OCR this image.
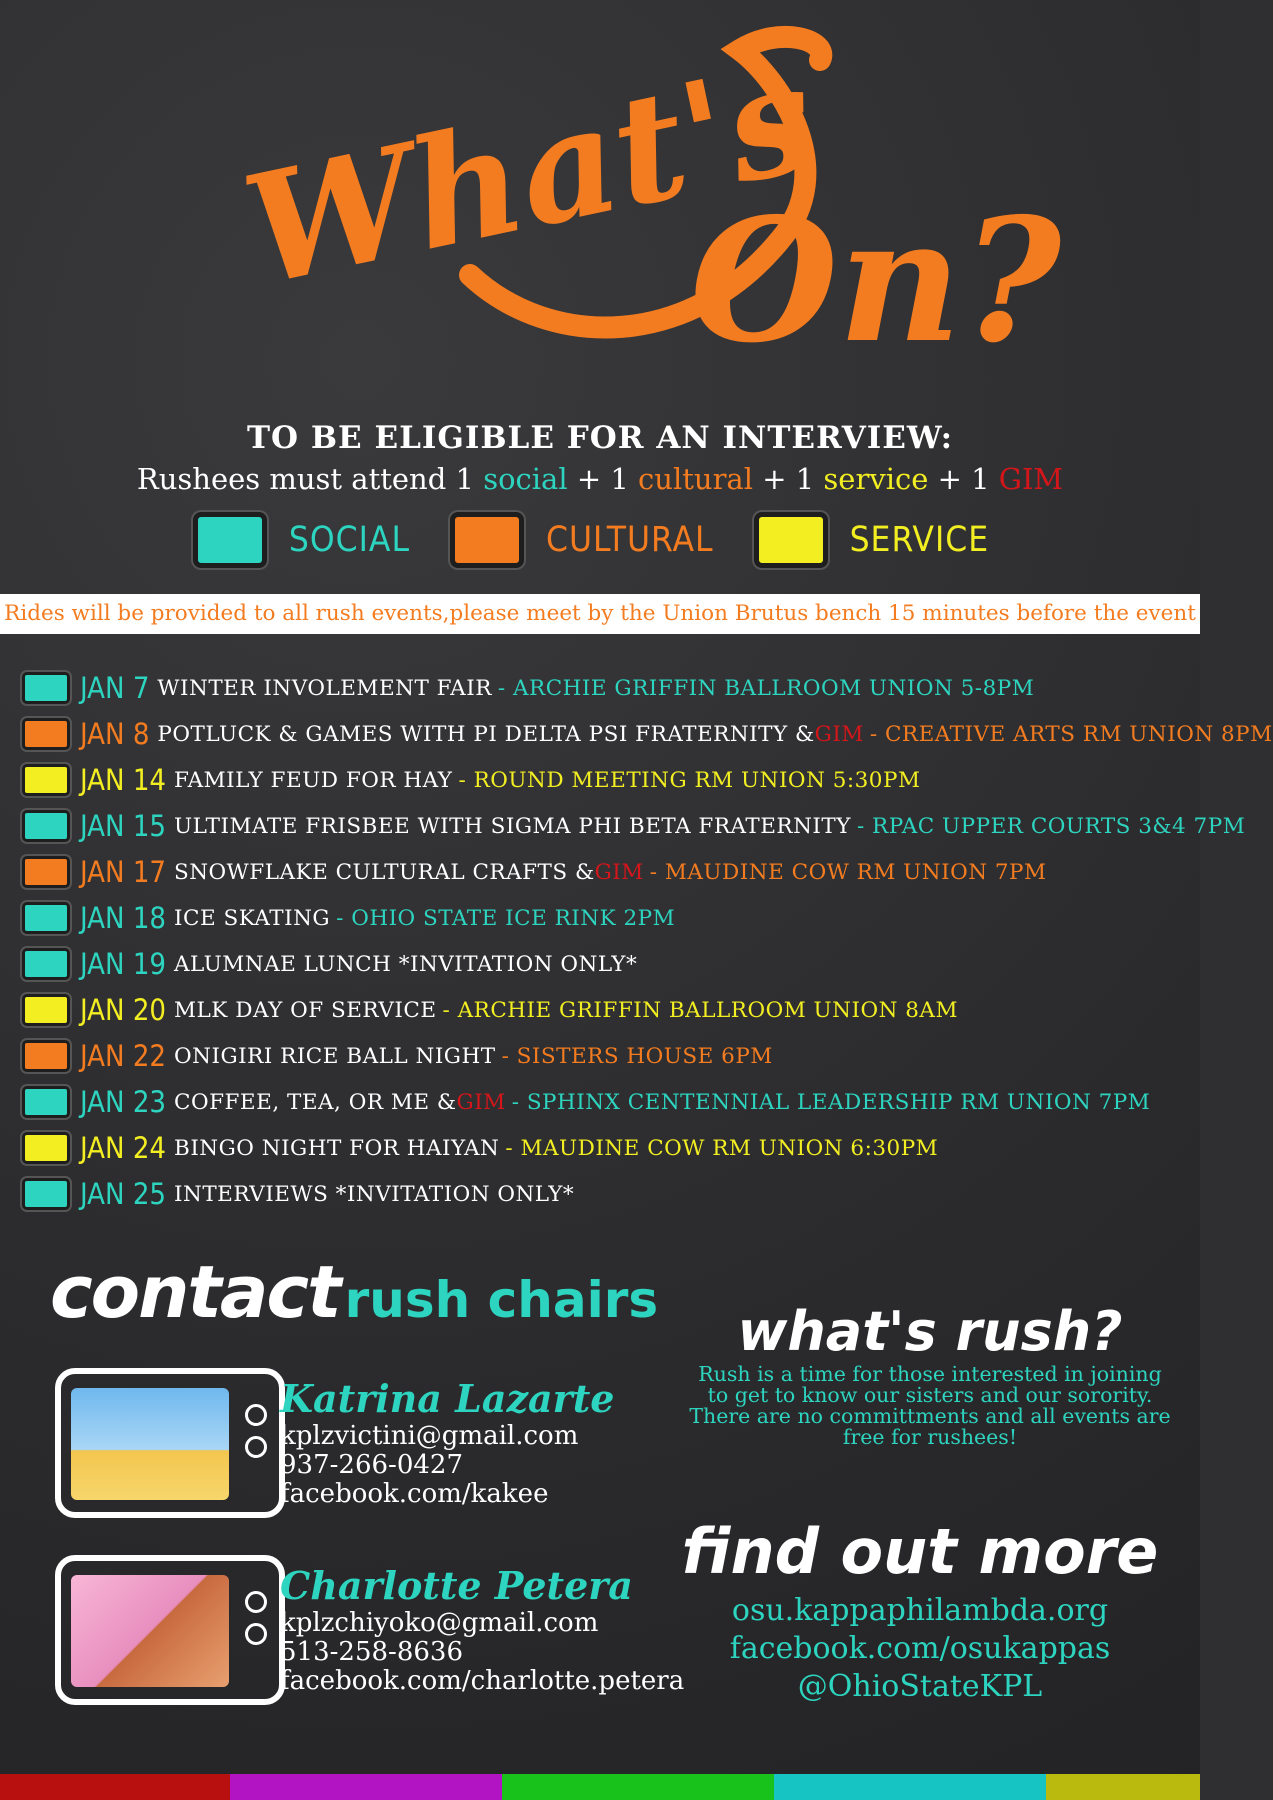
What's
On?
TO BE ELIGIBLE FOR AN INTERVIEW:
Rushees must attend 1 social + 1 cultural + 1 service + 1 GIM
SOCIAL	CULTURAL	SERVICE
Rides will be provided to all rush events,please meet by the Union Brutus bench 15 minutes before the event
JAN 7 WINTER INVOLEMENT FAIR - ARCHIE GRIFFIN BALLROOM UNION 5-8PM
JAN 8 POTLUCK & GAMES WITH PI DELTA PSI FRATERNITY & GIM - CREATIVE ARTS RM UNION 8PM
JAN 14 FAMILY FEUD FOR HAY - ROUND MEETING RM UNION 5:30PM
JAN 15 ULTIMATE FRISBEE WITH SIGMA PHI BETA FRATERNITY - RPAC UPPER COURTS 3&4 7PM
JAN 17 SNOWFLAKE CULTURAL CRAFTS & GIM - MAUDINE COW RM UNION 7PM
JAN 18 ICE SKATING - OHIO STATE ICE RINK 2PM
JAN 19 ALUMNAE LUNCH *INVITATION ONLY*
JAN 20 MLK DAY OF SERVICE - ARCHIE GRIFFIN BALLROOM UNION 8AM
JAN 22 ONIGIRI RICE BALL NIGHT - SISTERS HOUSE 6PM
JAN 23 COFFEE, TEA, OR ME & GIM - SPHINX CENTENNIAL LEADERSHIP RM UNION 7PM
JAN 24 BINGO NIGHT FOR HAIYAN - MAUDINE COW RM UNION 6:30PM
JAN 25 INTERVIEWS *INVITATION ONLY*
contact rush chairs
Katrina Lazarte
kplzvictini@gmail.com
937-266-0427
facebook.com/kakee
Charlotte Petera
kplzchiyoko@gmail.com
513-258-8636
facebook.com/charlotte.petera
what's rush?
Rush is a time for those interested in joining
to get to know our sisters and our sorority.
There are no committments and all events are
free for rushees!
find out more
osu.kappaphilambda.org
facebook.com/osukappas
@OhioStateKPL
